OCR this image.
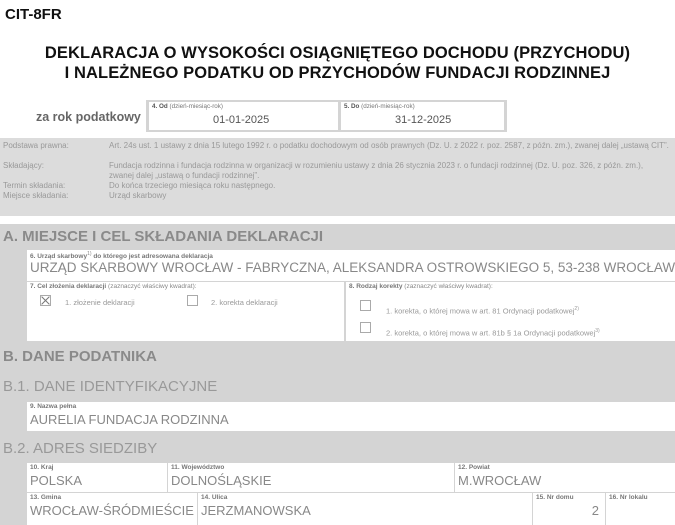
CIT-8FR
DEKLARACJA O WYSOKOŚCI OSIĄGNIĘTEGO DOCHODU (PRZYCHODU)
I NALEŻNEGO PODATKU OD PRZYCHODÓW FUNDACJI RODZINNEJ
za rok podatkowy
4. Od (dzień-miesiąc-rok)
01-01-2025
5. Do (dzień-miesiąc-rok)
31-12-2025
Podstawa prawna:	Art. 24s ust. 1 ustawy z dnia 15 lutego 1992 r. o podatku dochodowym od osób prawnych (Dz. U. z 2022 r. poz. 2587, z późn. zm.), zwanej dalej „ustawą CIT”.
Składający:	Fundacja rodzinna i fundacja rodzinna w organizacji w rozumieniu ustawy z dnia 26 stycznia 2023 r. o fundacji rodzinnej (Dz. U. poz. 326, z późn. zm.), zwanej dalej „ustawą o fundacji rodzinnej”.
Termin składania:	Do końca trzeciego miesiąca roku następnego.
Miejsce składania:	Urząd skarbowy
A. MIEJSCE I CEL SKŁADANIA DEKLARACJI
6. Urząd skarbowy$^{1)}$ do którego jest adresowana deklaracja
URZĄD SKARBOWY WROCŁAW - FABRYCZNA, ALEKSANDRA OSTROWSKIEGO 5, 53-238 WROCŁAW
7. Cel złożenia deklaracji (zaznaczyć właściwy kwadrat):
1. złożenie deklaracji	2. korekta deklaracji
8. Rodzaj korekty (zaznaczyć właściwy kwadrat):
1. korekta, o której mowa w art. 81 Ordynacji podatkowej$^{2)}$
2. korekta, o której mowa w art. 81b § 1a Ordynacji podatkowej$^{3)}$
B. DANE PODATNIKA
B.1. DANE IDENTYFIKACYJNE
9. Nazwa pełna
AURELIA FUNDACJA RODZINNA
B.2. ADRES SIEDZIBY
10. Kraj
POLSKA
11. Województwo
DOLNOŚLĄSKIE
12. Powiat
M.WROCŁAW
13. Gmina
WROCŁAW-ŚRÓDMIEŚCIE
14. Ulica
JERZMANOWSKA
15. Nr domu
2
16. Nr lokalu
